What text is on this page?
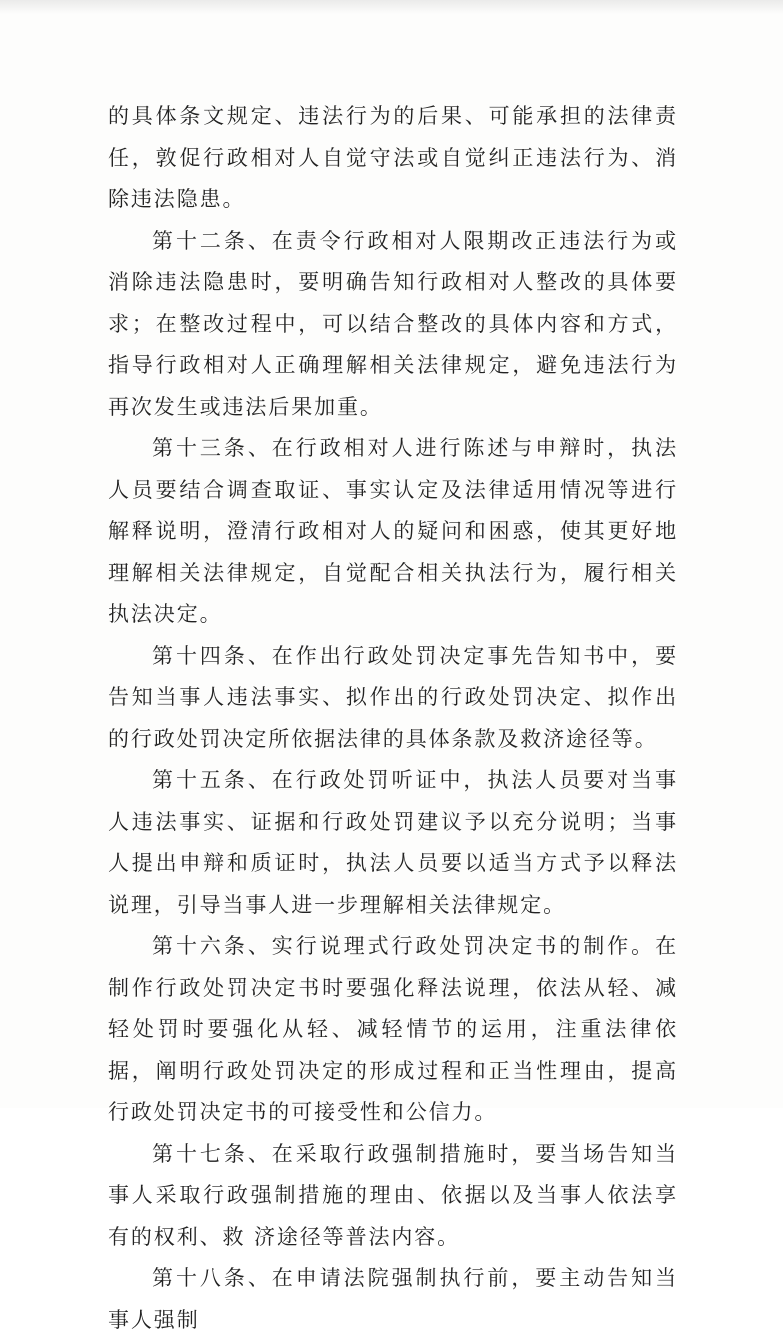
的具体条文规定、违法行为的后果、可能承担的法律责任，敦促行政相对人自觉守法或自觉纠正违法行为、消除违法隐患。

第十二条、在责令行政相对人限期改正违法行为或消除违法隐患时，要明确告知行政相对人整改的具体要求；在整改过程中，可以结合整改的具体内容和方式，指导行政相对人正确理解相关法律规定，避免违法行为再次发生或违法后果加重。

第十三条、在行政相对人进行陈述与申辩时，执法人员要结合调查取证、事实认定及法律适用情况等进行解释说明，澄清行政相对人的疑问和困惑，使其更好地理解相关法律规定，自觉配合相关执法行为，履行相关执法决定。

第十四条、在作出行政处罚决定事先告知书中，要告知当事人违法事实、拟作出的行政处罚决定、拟作出的行政处罚决定所依据法律的具体条款及救济途径等。

第十五条、在行政处罚听证中，执法人员要对当事人违法事实、证据和行政处罚建议予以充分说明；当事人提出申辩和质证时，执法人员要以适当方式予以释法说理，引导当事人进一步理解相关法律规定。

第十六条、实行说理式行政处罚决定书的制作。在制作行政处罚决定书时要强化释法说理，依法从轻、减轻处罚时要强化从轻、减轻情节的运用，注重法律依据，阐明行政处罚决定的形成过程和正当性理由，提高行政处罚决定书的可接受性和公信力。

第十七条、在采取行政强制措施时，要当场告知当事人采取行政强制措施的理由、依据以及当事人依法享有的权利、救 济途径等普法内容。

第十八条、在申请法院强制执行前，要主动告知当事人强制
